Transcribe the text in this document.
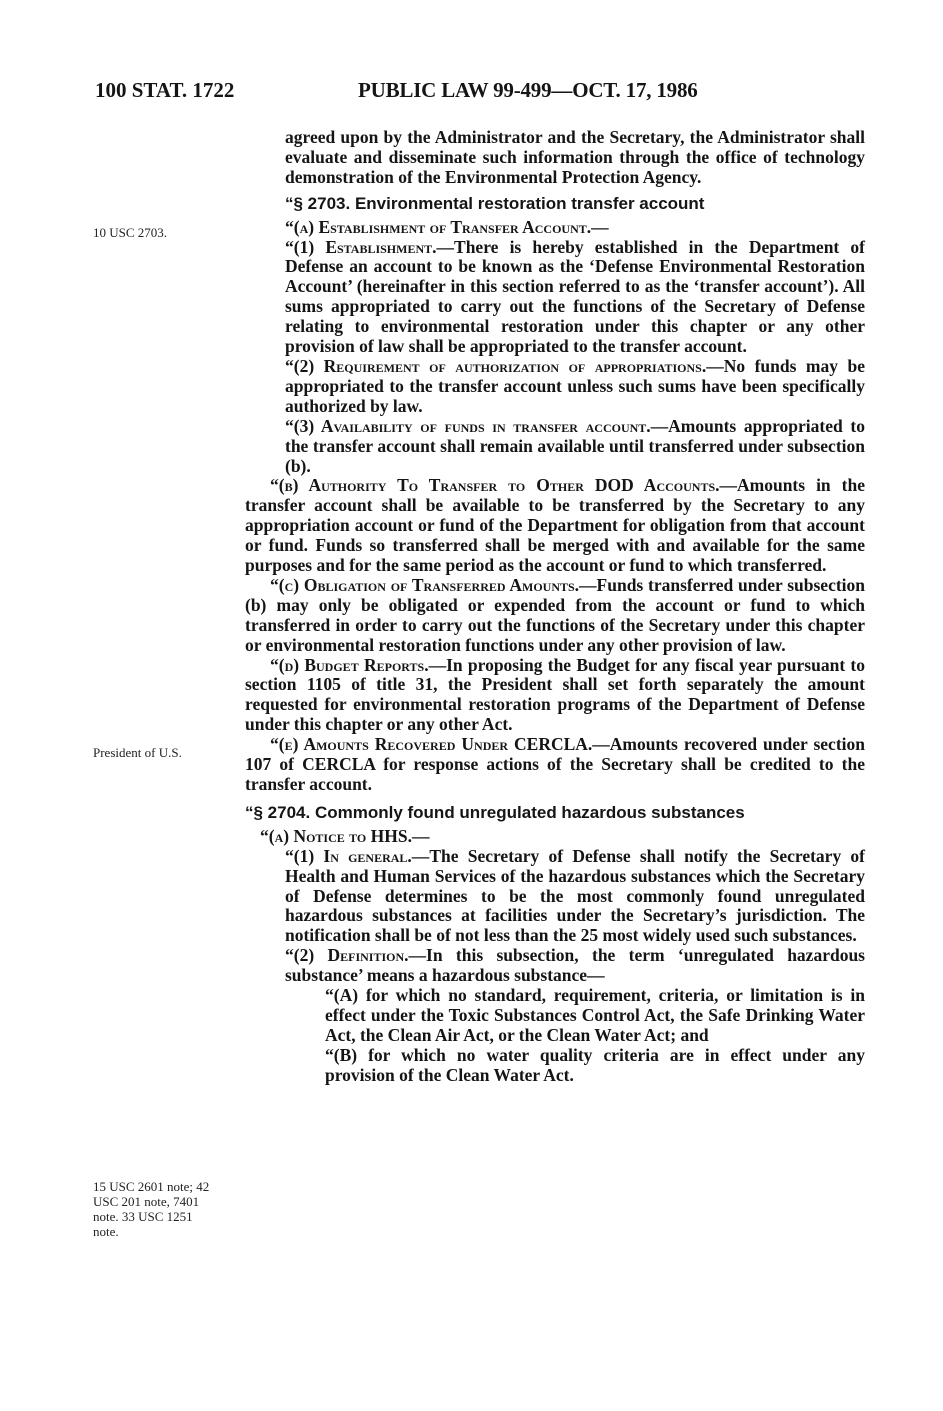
100 STAT. 1722	PUBLIC LAW 99-499—OCT. 17, 1986
10 USC 2703.
President of U.S.
15 USC 2601 note; 42 USC 201 note, 7401 note. 33 USC 1251 note.

agreed upon by the Administrator and the Secretary, the Administrator shall evaluate and disseminate such information through the office of technology demonstration of the Environmental Protection Agency.

“§ 2703. Environmental restoration transfer account

“(a) Establishment of Transfer Account.—

“(1) Establishment.—There is hereby established in the Department of Defense an account to be known as the ‘Defense Environmental Restoration Account’ (hereinafter in this section referred to as the ‘transfer account’). All sums appropriated to carry out the functions of the Secretary of Defense relating to environmental restoration under this chapter or any other provision of law shall be appropriated to the transfer account.

“(2) Requirement of authorization of appropriations.—No funds may be appropriated to the transfer account unless such sums have been specifically authorized by law.

“(3) Availability of funds in transfer account.—Amounts appropriated to the transfer account shall remain available until transferred under subsection (b).

“(b) Authority To Transfer to Other DOD Accounts.—Amounts in the transfer account shall be available to be transferred by the Secretary to any appropriation account or fund of the Department for obligation from that account or fund. Funds so transferred shall be merged with and available for the same purposes and for the same period as the account or fund to which transferred.

“(c) Obligation of Transferred Amounts.—Funds transferred under subsection (b) may only be obligated or expended from the account or fund to which transferred in order to carry out the functions of the Secretary under this chapter or environmental restoration functions under any other provision of law.

“(d) Budget Reports.—In proposing the Budget for any fiscal year pursuant to section 1105 of title 31, the President shall set forth separately the amount requested for environmental restoration programs of the Department of Defense under this chapter or any other Act.

“(e) Amounts Recovered Under CERCLA.—Amounts recovered under section 107 of CERCLA for response actions of the Secretary shall be credited to the transfer account.

“§ 2704. Commonly found unregulated hazardous substances

“(a) Notice to HHS.—

“(1) In general.—The Secretary of Defense shall notify the Secretary of Health and Human Services of the hazardous substances which the Secretary of Defense determines to be the most commonly found unregulated hazardous substances at facilities under the Secretary’s jurisdiction. The notification shall be of not less than the 25 most widely used such substances.

“(2) Definition.—In this subsection, the term ‘unregulated hazardous substance’ means a hazardous substance—

“(A) for which no standard, requirement, criteria, or limitation is in effect under the Toxic Substances Control Act, the Safe Drinking Water Act, the Clean Air Act, or the Clean Water Act; and

“(B) for which no water quality criteria are in effect under any provision of the Clean Water Act.
